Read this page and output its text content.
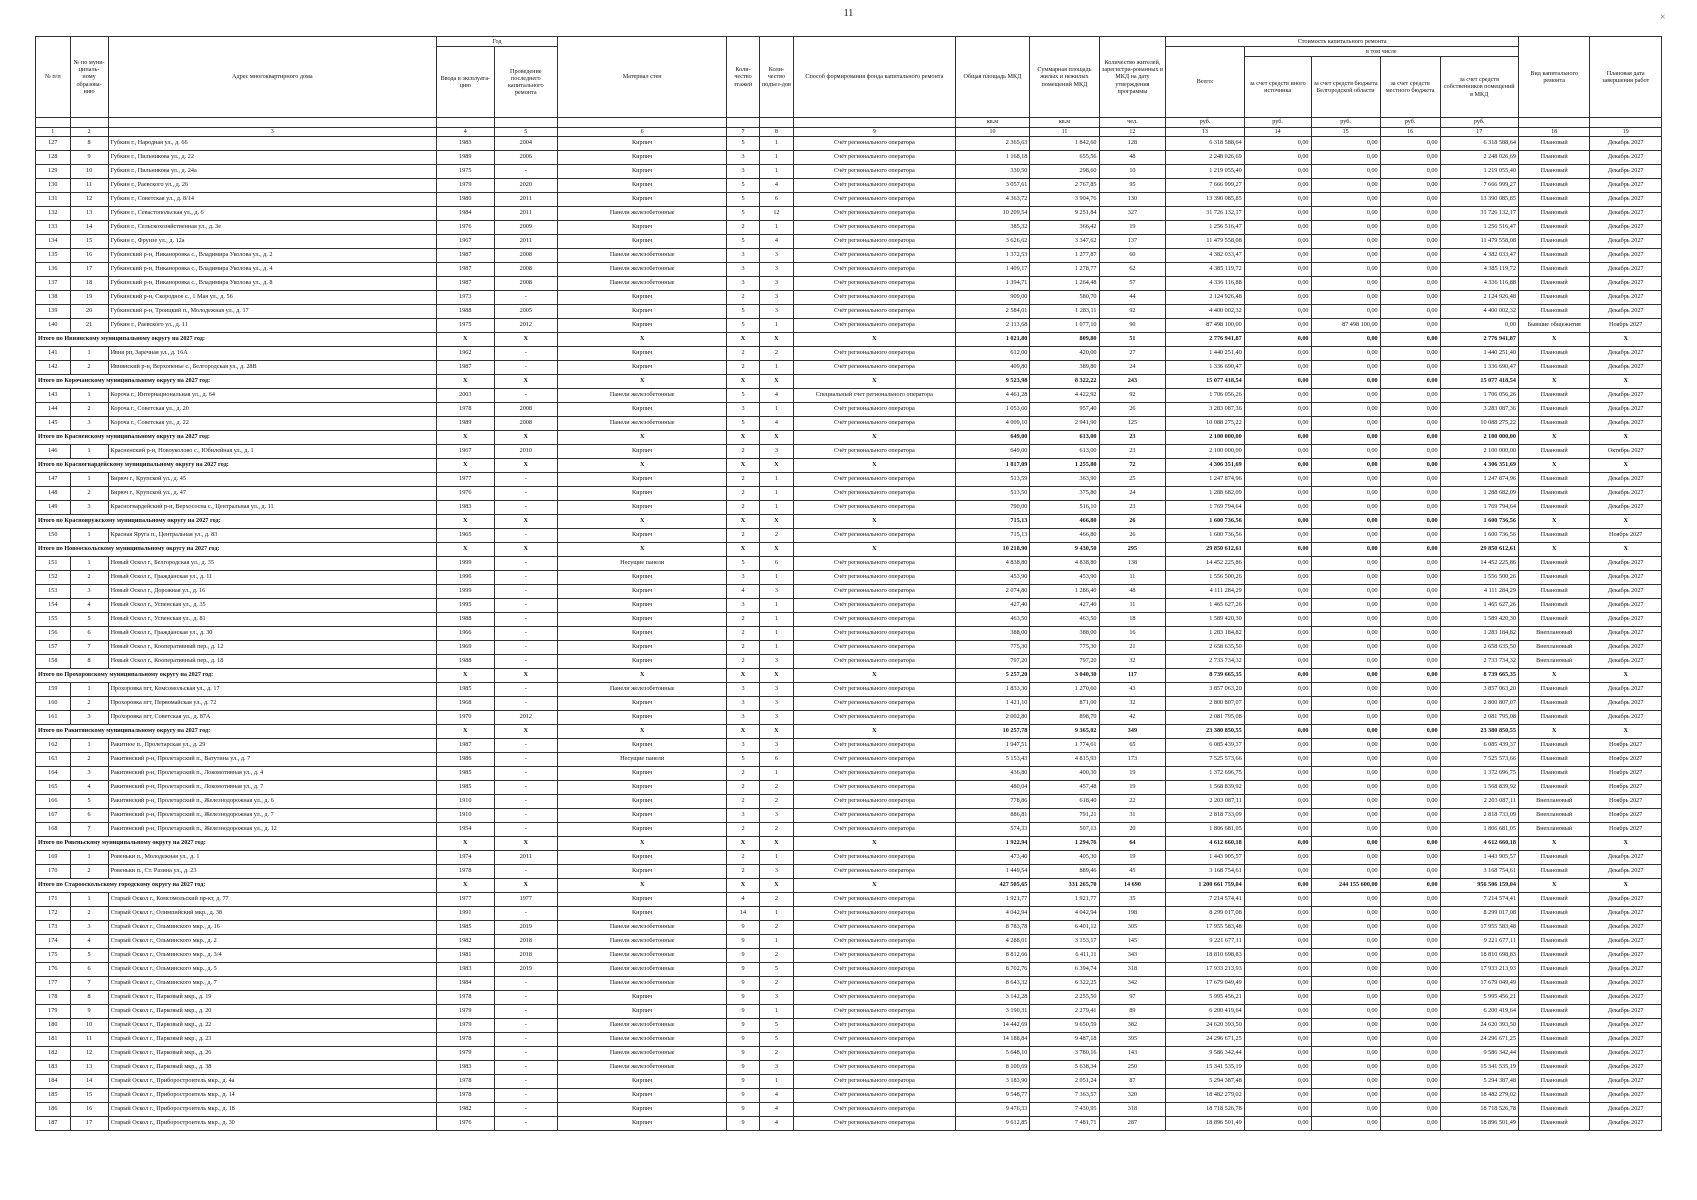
11	×
№ п/п	№ по муни-ципаль-ному образова-нию	Адрес многоквартирного дома	Год		Материал стен	Коли-чество этажей	Коли-чество подъез-дов	Способ формирования фонда капитального ремонта	Общая площадь МКД	Суммарная площадь жилых и нежилых помещений МКД	Количество жителей, зарегистри-рованных в МКД на дату утверждения программы	Стоимость капитального ремонта					Вид капитального ремонта	Плановая дата завершения работ
			Ввода в эксплуата-цию	Проведение последнего капитального ремонта								Всего:	в том числе					
													за счет средств иного источника	за счет средств бюджета Белгородской области	за счет средств местного бюджета	за счет средств собственников помещений в МКД		
									кв.м	кв.м	чел.	руб.	руб.	руб.	руб.	руб.		
1	2	3	4	5	6	7	8	9	10	11	12	13	14	15	16	17	18	19
127	8	Губкин г., Народная ул., д. 66	1983	2004	Кирпич	5	1	Счёт регионального оператора	2 365,63	1 842,60	128	6 318 588,64	0,00	0,00	0,00	6 318 588,64	Плановый	Декабрь 2027
128	9	Губкин г., Пильникова ул., д. 22	1989	2006	Кирпич	3	1	Счёт регионального оператора	1 168,18	655,56	48	2 248 026,69	0,00	0,00	0,00	2 248 026,69	Плановый	Декабрь 2027
129	10	Губкин г., Пильникова ул., д. 24а	1975	-	Кирпич	3	1	Счёт регионального оператора	330,50	298,60	10	1 219 055,40	0,00	0,00	0,00	1 219 055,40	Плановый	Декабрь 2027
130	11	Губкин г., Раевского ул., д. 26	1979	2020	Кирпич	5	4	Счёт регионального оператора	3 057,61	2 767,85	95	7 666 999,27	0,00	0,00	0,00	7 666 999,27	Плановый	Декабрь 2027
131	12	Губкин г., Советская ул., д. 8/14	1980	2011	Кирпич	5	6	Счёт регионального оператора	4 363,72	3 904,76	130	13 390 085,85	0,00	0,00	0,00	13 390 085,85	Плановый	Декабрь 2027
132	13	Губкин г., Севастопольская ул., д. 6	1984	2011	Панели железобетонные	5	12	Счёт регионального оператора	10 209,54	9 251,84	327	31 726 132,17	0,00	0,00	0,00	31 726 132,17	Плановый	Декабрь 2027
133	14	Губкин г., Сельскохозяйственная ул., д. 3е	1976	2009	Кирпич	2	1	Счёт регионального оператора	385,32	366,42	19	1 256 516,47	0,00	0,00	0,00	1 256 516,47	Плановый	Декабрь 2027
134	15	Губкин г., Фрунзе ул., д. 12а	1967	2011	Кирпич	5	4	Счёт регионального оператора	3 626,62	3 347,62	137	11 479 558,08	0,00	0,00	0,00	11 479 558,08	Плановый	Декабрь 2027
135	16	Губкинский р-н, Никаноровка с., Владимира Уколова ул., д. 2	1987	2008	Панели железобетонные	3	3	Счёт регионального оператора	1 372,53	1 277,87	60	4 382 033,47	0,00	0,00	0,00	4 382 033,47	Плановый	Декабрь 2027
136	17	Губкинский р-н, Никаноровка с., Владимира Уколова ул., д. 4	1987	2008	Панели железобетонные	3	3	Счёт регионального оператора	1 409,17	1 278,77	62	4 385 119,72	0,00	0,00	0,00	4 385 119,72	Плановый	Декабрь 2027
137	18	Губкинский р-н, Никаноровка с., Владимира Уколова ул., д. 8	1987	2008	Панели железобетонные	3	3	Счёт регионального оператора	1 394,71	1 264,48	57	4 336 116,88	0,00	0,00	0,00	4 336 116,88	Плановый	Декабрь 2027
138	19	Губкинский р-н, Скородное с., 1 Мая ул., д. 56	1973	-	Кирпич	2	3	Счёт регионального оператора	909,00	580,70	44	2 124 926,48	0,00	0,00	0,00	2 124 926,48	Плановый	Декабрь 2027
139	20	Губкинский р-н, Троицкий п., Молодежная ул., д. 17	1988	2005	Кирпич	5	3	Счёт регионального оператора	2 584,01	1 283,11	92	4 400 002,32	0,00	0,00	0,00	4 400 002,32	Плановый	Декабрь 2027
140	21	Губкин г., Раевского ул., д. 11	1975	2012	Кирпич	5	1	Счёт регионального оператора	2 113,68	1 077,10	90	87 498 100,00	0,00	87 498 100,00	0,00	0,00	Бывшие общежития	Ноябрь 2027
Итого по Ивнянскому муниципальному округу на 2027 год:			X	X	X	X	X	X	1 021,80	809,80	51	2 776 941,87	0,00	0,00	0,00	2 776 941,87	X	X
141	1	Ивня рп, Заречная ул., д. 16А	1962	-	Кирпич	2	2	Счёт регионального оператора	612,00	420,00	27	1 440 251,40	0,00	0,00	0,00	1 440 251,40	Плановый	Декабрь 2027
142	2	Ивнянский р-н, Верхопенье с., Белгородская ул., д. 28В	1987	-	Кирпич	2	1	Счёт регионального оператора	409,80	389,80	24	1 336 690,47	0,00	0,00	0,00	1 336 690,47	Плановый	Декабрь 2027
Итого по Корочанскому муниципальному округу на 2027 год:			X	X	X	X	X	X	9 523,98	8 322,22	243	15 077 418,54	0,00	0,00	0,00	15 077 418,54	X	X
143	1	Короча г., Интернациональная ул., д. 64	2003	-	Панели железобетонные	5	4	Специальный счет регионального оператора	4 461,28	4 422,92	92	1 706 056,26	0,00	0,00	0,00	1 706 056,26	Плановый	Декабрь 2027
144	2	Короча г., Советская ул., д. 20	1978	2008	Кирпич	3	1	Счёт регионального оператора	1 053,60	957,40	26	3 283 087,36	0,00	0,00	0,00	3 283 087,36	Плановый	Декабрь 2027
145	3	Короча г., Советская ул., д. 22	1989	2008	Панели железобетонные	5	4	Счёт регионального оператора	4 009,10	2 941,90	125	10 088 275,22	0,00	0,00	0,00	10 088 275,22	Плановый	Декабрь 2027
Итого по Красненскому муниципальному округу на 2027 год:			X	X	X	X	X	X	649,00	613,00	23	2 100 000,00	0,00	0,00	0,00	2 100 000,00	X	X
146	1	Красненский р-н, Новоуколово с., Юбилейная ул., д. 1	1967	2010	Кирпич	2	3	Счёт регионального оператора	649,00	613,00	23	2 100 000,00	0,00	0,00	0,00	2 100 000,00	Плановый	Октябрь 2027
Итого по Красногвардейскому муниципальному округу на 2027 год:			X	X	X	X	X	X	1 817,09	1 255,80	72	4 306 351,69	0,00	0,00	0,00	4 306 351,69	X	X
147	1	Бирюч г., Крупской ул., д. 45	1977	-	Кирпич	2	1	Счёт регионального оператора	513,59	363,90	25	1 247 874,96	0,00	0,00	0,00	1 247 874,96	Плановый	Декабрь 2027
148	2	Бирюч г., Крупской ул., д. 47	1976	-	Кирпич	2	1	Счёт регионального оператора	513,50	375,80	24	1 288 682,09	0,00	0,00	0,00	1 288 682,09	Плановый	Декабрь 2027
149	3	Красногвардейский р-н, Верхососна с., Центральная ул., д. 11	1983	-	Кирпич	2	1	Счёт регионального оператора	790,00	516,10	23	1 769 794,64	0,00	0,00	0,00	1 769 794,64	Плановый	Декабрь 2027
Итого по Краснояружскому муниципальному округу на 2027 год:			X	X	X	X	X	X	715,13	466,80	26	1 600 736,56	0,00	0,00	0,00	1 600 736,56	X	X
150	1	Красная Яруга п., Центральная ул., д. 83	1965	-	Кирпич	2	2	Счёт регионального оператора	715,13	466,80	26	1 600 736,56	0,00	0,00	0,00	1 600 736,56	Плановый	Ноябрь 2027
Итого по Новооскольскому муниципальному округу на 2027 год:			X	X	X	X	X	X	10 218,90	9 430,50	295	29 850 612,61	0,00	0,00	0,00	29 850 612,61	X	X
151	1	Новый Оскол г., Белгородская ул., д. 35	1999	-	Несущие панели	5	6	Счёт регионального оператора	4 838,80	4 838,80	138	14 452 225,86	0,00	0,00	0,00	14 452 225,86	Плановый	Декабрь 2027
152	2	Новый Оскол г., Гражданская ул., д. 11	1996	-	Кирпич	3	1	Счёт регионального оператора	453,90	453,90	11	1 556 500,26	0,00	0,00	0,00	1 556 500,26	Плановый	Декабрь 2027
153	3	Новый Оскол г., Дорожная ул., д. 16	1999	-	Кирпич	4	3	Счёт регионального оператора	2 074,80	1 286,40	48	4 111 284,29	0,00	0,00	0,00	4 111 284,29	Плановый	Декабрь 2027
154	4	Новый Оскол г., Успенская ул., д. 35	1995	-	Кирпич	3	1	Счёт регионального оператора	427,40	427,40	11	1 465 627,26	0,00	0,00	0,00	1 465 627,26	Плановый	Декабрь 2027
155	5	Новый Оскол г., Успенская ул., д. 81	1988	-	Кирпич	2	1	Счёт регионального оператора	463,50	463,50	18	1 589 420,30	0,00	0,00	0,00	1 589 420,30	Плановый	Декабрь 2027
156	6	Новый Оскол г., Гражданская ул., д. 30	1966	-	Кирпич	2	1	Счёт регионального оператора	388,00	388,00	16	1 283 184,82	0,00	0,00	0,00	1 283 184,82	Внеплановый	Декабрь 2027
157	7	Новый Оскол г., Кооперативный пер., д. 12	1969	-	Кирпич	2	1	Счёт регионального оператора	775,30	775,30	21	2 658 635,50	0,00	0,00	0,00	2 658 635,50	Внеплановый	Декабрь 2027
158	8	Новый Оскол г., Кооперативный пер., д. 18	1988	-	Кирпич	2	3	Счёт регионального оператора	797,20	797,20	32	2 733 734,32	0,00	0,00	0,00	2 733 734,32	Внеплановый	Декабрь 2027
Итого по Прохоровскому муниципальному округу на 2027 год:			X	X	X	X	X	X	5 257,20	3 040,30	117	8 739 665,35	0,00	0,00	0,00	8 739 665,35	X	X
159	1	Прохоровка пгт, Комсомольская ул., д. 17	1985	-	Панели железобетонные	3	3	Счёт регионального оператора	1 833,30	1 270,60	43	3 857 063,20	0,00	0,00	0,00	3 857 063,20	Плановый	Декабрь 2027
160	2	Прохоровка пгт, Первомайская ул., д. 72	1968	-	Кирпич	3	3	Счёт регионального оператора	1 421,10	871,00	32	2 800 807,07	0,00	0,00	0,00	2 800 807,07	Плановый	Декабрь 2027
161	3	Прохоровка пгт, Советская ул., д. 87А	1970	2012	Кирпич	3	3	Счёт регионального оператора	2 002,80	898,70	42	2 081 795,08	0,00	0,00	0,00	2 081 795,08	Плановый	Декабрь 2027
Итого по Ракитянскому муниципальному округу на 2027 год:			X	X	X	X	X	X	10 257,78	9 365,02	349	23 380 850,55	0,00	0,00	0,00	23 380 850,55	X	X
162	1	Ракитное п., Пролетарская ул., д. 29	1987	-	Кирпич	3	3	Счёт регионального оператора	1 947,51	1 774,61	65	6 085 439,37	0,00	0,00	0,00	6 085 439,37	Плановый	Ноябрь 2027
163	2	Ракитянский р-н, Пролетарский п., Ватутина ул., д. 7	1986	-	Несущие панели	5	6	Счёт регионального оператора	5 153,43	4 815,93	173	7 525 573,66	0,00	0,00	0,00	7 525 573,66	Плановый	Ноябрь 2027
164	3	Ракитянский р-н, Пролетарский п., Локомотивная ул., д. 4	1985	-	Кирпич	2	1	Счёт регионального оператора	436,80	400,30	19	1 372 696,75	0,00	0,00	0,00	1 372 696,75	Плановый	Ноябрь 2027
165	4	Ракитянский р-н, Пролетарский п., Локомотивная ул., д. 7	1985	-	Кирпич	2	2	Счёт регионального оператора	480,04	457,48	19	1 568 839,92	0,00	0,00	0,00	1 568 839,92	Плановый	Ноябрь 2027
166	5	Ракитянский р-н, Пролетарский п., Железнодорожная ул., д. 6	1910	-	Кирпич	2	2	Счёт регионального оператора	778,86	618,40	22	2 203 087,11	0,00	0,00	0,00	2 203 087,11	Внеплановый	Ноябрь 2027
167	6	Ракитянский р-н, Пролетарский п., Железнодорожная ул., д. 7	1910	-	Кирпич	3	3	Счёт регионального оператора	886,81	791,21	31	2 818 733,09	0,00	0,00	0,00	2 818 733,09	Внеплановый	Ноябрь 2027
168	7	Ракитянский р-н, Пролетарский п., Железнодорожная ул., д. 12	1954	-	Кирпич	2	2	Счёт регионального оператора	574,33	507,13	20	1 806 681,05	0,00	0,00	0,00	1 806 681,05	Внеплановый	Ноябрь 2027
Итого по Ровеньскому муниципальному округу на 2027 год:			X	X	X	X	X	X	1 922,94	1 294,76	64	4 612 660,18	0,00	0,00	0,00	4 612 660,18	X	X
169	1	Ровеньки п., Молодежная ул., д. 1	1974	2011	Кирпич	2	1	Счёт регионального оператора	473,40	405,30	19	1 443 905,57	0,00	0,00	0,00	1 443 905,57	Плановый	Декабрь 2027
170	2	Ровеньки п., Ст. Разина ул., д. 23	1978	-	Кирпич	2	3	Счёт регионального оператора	1 449,54	889,46	45	3 168 754,61	0,00	0,00	0,00	3 168 754,61	Плановый	Декабрь 2027
Итого по Старооскольскому городскому округу на 2027 год:			X	X	X	X	X	X	427 505,65	331 265,70	14 690	1 200 661 759,04	0,00	244 155 600,00	0,00	956 506 159,04	X	X
171	1	Старый Оскол г., Комсомольский пр-кт, д. 77	1977	1977	Кирпич	4	2	Счёт регионального оператора	1 921,77	1 921,77	35	7 214 574,41	0,00	0,00	0,00	7 214 574,41	Плановый	Декабрь 2027
172	2	Старый Оскол г., Олимпийский мкр., д. 38	1991	-	Кирпич	14	1	Счёт регионального оператора	4 042,94	4 042,94	198	8 299 017,08	0,00	0,00	0,00	8 299 017,08	Плановый	Декабрь 2027
173	3	Старый Оскол г., Ольминского мкр., д. 16	1985	2019	Панели железобетонные	9	2	Счёт регионального оператора	8 783,78	6 401,12	305	17 955 583,48	0,00	0,00	0,00	17 955 583,48	Плановый	Декабрь 2027
174	4	Старый Оскол г., Ольминского мкр., д. 2	1982	2018	Панели железобетонные	9	1	Счёт регионального оператора	4 288,01	3 153,17	145	9 221 677,11	0,00	0,00	0,00	9 221 677,11	Плановый	Декабрь 2027
175	5	Старый Оскол г., Ольминского мкр., д. 3/4	1981	2018	Панели железобетонные	9	2	Счёт регионального оператора	8 812,66	6 411,11	343	18 810 698,83	0,00	0,00	0,00	18 810 698,83	Плановый	Декабрь 2027
176	6	Старый Оскол г., Ольминского мкр., д. 5	1983	2019	Панели железобетонные	9	5	Счёт регионального оператора	8 702,76	6 394,74	318	17 933 213,93	0,00	0,00	0,00	17 933 213,93	Плановый	Декабрь 2027
177	7	Старый Оскол г., Ольминского мкр., д. 7	1984	-	Панели железобетонные	9	2	Счёт регионального оператора	8 643,32	6 322,25	342	17 679 049,49	0,00	0,00	0,00	17 679 049,49	Плановый	Декабрь 2027
178	8	Старый Оскол г., Парковый мкр., д. 19	1978	-	Кирпич	9	3	Счёт регионального оператора	3 142,28	2 255,50	97	5 995 456,21	0,00	0,00	0,00	5 995 456,21	Плановый	Декабрь 2027
179	9	Старый Оскол г., Парковый мкр., д. 20	1979	-	Кирпич	9	1	Счёт регионального оператора	3 190,31	2 279,41	89	6 200 419,64	0,00	0,00	0,00	6 200 419,64	Плановый	Декабрь 2027
180	10	Старый Оскол г., Парковый мкр., д. 22	1979	-	Панели железобетонные	9	5	Счёт регионального оператора	14 442,69	9 650,59	382	24 620 393,50	0,00	0,00	0,00	24 620 393,50	Плановый	Декабрь 2027
181	11	Старый Оскол г., Парковый мкр., д. 23	1978	-	Панели железобетонные	9	5	Счёт регионального оператора	14 188,84	9 487,18	395	24 296 671,25	0,00	0,00	0,00	24 296 671,25	Плановый	Декабрь 2027
182	12	Старый Оскол г., Парковый мкр., д. 26	1979	-	Панели железобетонные	9	2	Счёт регионального оператора	5 648,10	3 780,16	143	9 586 342,44	0,00	0,00	0,00	9 586 342,44	Плановый	Декабрь 2027
183	13	Старый Оскол г., Парковый мкр., д. 38	1983	-	Панели железобетонные	9	3	Счёт регионального оператора	8 100,69	5 638,34	250	15 341 535,19	0,00	0,00	0,00	15 341 535,19	Плановый	Декабрь 2027
184	14	Старый Оскол г., Приборостроитель мкр., д. 4а	1978	-	Кирпич	9	1	Счёт регионального оператора	3 183,90	2 051,24	87	5 294 387,48	0,00	0,00	0,00	5 294 387,48	Плановый	Декабрь 2027
185	15	Старый Оскол г., Приборостроитель мкр., д. 14	1978	-	Кирпич	9	4	Счёт регионального оператора	9 548,77	7 363,57	320	18 482 279,02	0,00	0,00	0,00	18 482 279,02	Плановый	Декабрь 2027
186	16	Старый Оскол г., Приборостроитель мкр., д. 18	1982	-	Кирпич	9	4	Счёт регионального оператора	9 476,33	7 430,95	318	18 718 526,78	0,00	0,00	0,00	18 718 526,78	Плановый	Декабрь 2027
187	17	Старый Оскол г., Приборостроитель мкр., д. 30	1976	-	Кирпич	9	4	Счёт регионального оператора	9 612,85	7 481,71	287	18 896 501,49	0,00	0,00	0,00	18 896 501,49	Плановый	Декабрь 2027
